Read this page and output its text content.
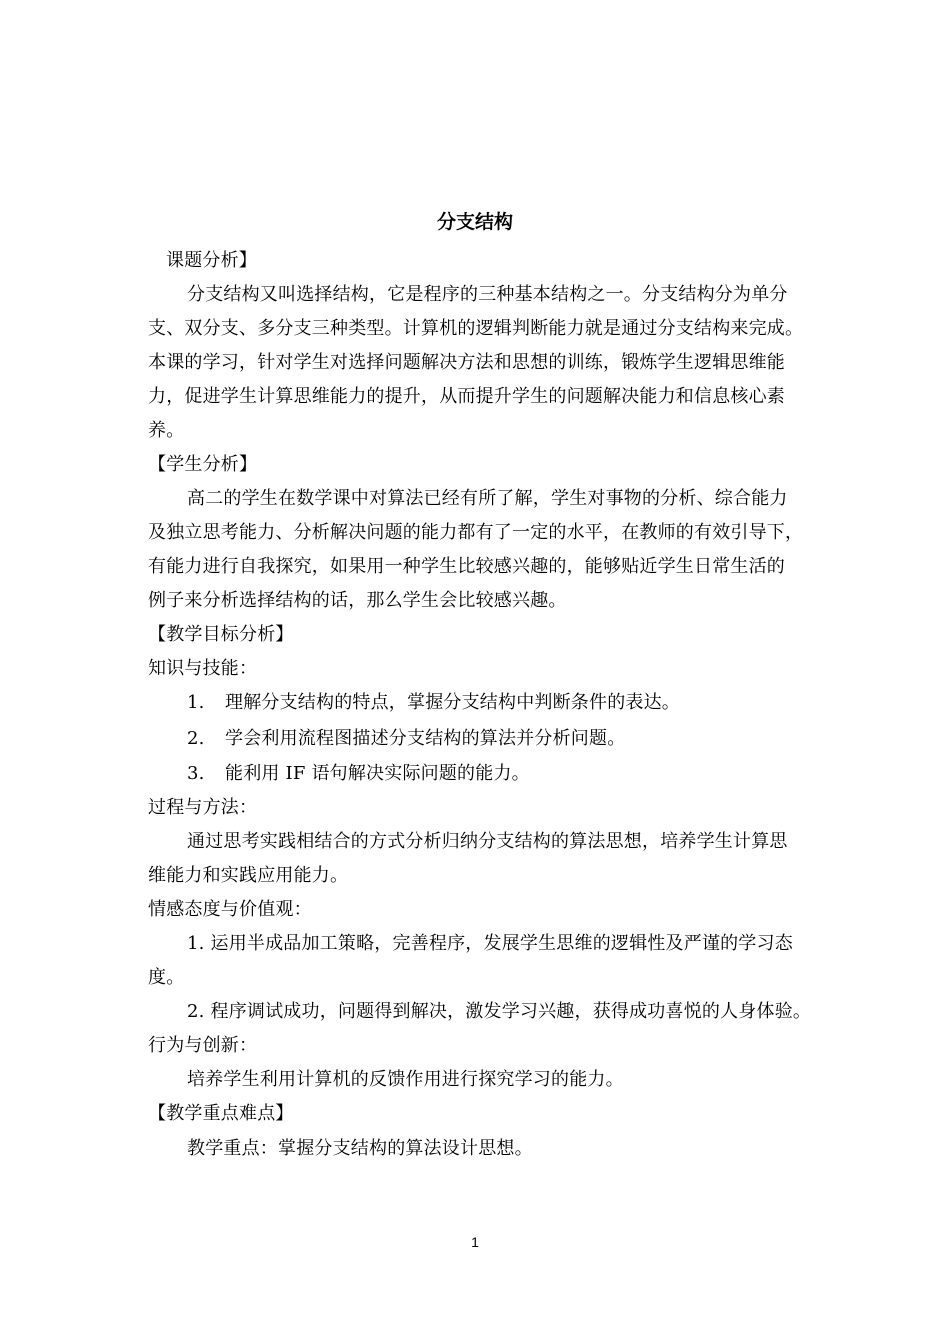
分支结构
课题分析】
分支结构又叫选择结构，它是程序的三种基本结构之一。分支结构分为单分
支、双分支、多分支三种类型。计算机的逻辑判断能力就是通过分支结构来完成。
本课的学习，针对学生对选择问题解决方法和思想的训练，锻炼学生逻辑思维能
力，促进学生计算思维能力的提升，从而提升学生的问题解决能力和信息核心素
养。
【学生分析】
高二的学生在数学课中对算法已经有所了解，学生对事物的分析、综合能力
及独立思考能力、分析解决问题的能力都有了一定的水平，在教师的有效引导下，
有能力进行自我探究，如果用一种学生比较感兴趣的，能够贴近学生日常生活的
例子来分析选择结构的话，那么学生会比较感兴趣。
【教学目标分析】
知识与技能：
1. 理解分支结构的特点，掌握分支结构中判断条件的表达。
2. 学会利用流程图描述分支结构的算法并分析问题。
3. 能利用 IF 语句解决实际问题的能力。
过程与方法：
通过思考实践相结合的方式分析归纳分支结构的算法思想，培养学生计算思
维能力和实践应用能力。
情感态度与价值观：
1. 运用半成品加工策略，完善程序，发展学生思维的逻辑性及严谨的学习态
度。
2. 程序调试成功，问题得到解决，激发学习兴趣，获得成功喜悦的人身体验。
行为与创新：
培养学生利用计算机的反馈作用进行探究学习的能力。
【教学重点难点】
教学重点：掌握分支结构的算法设计思想。
1
